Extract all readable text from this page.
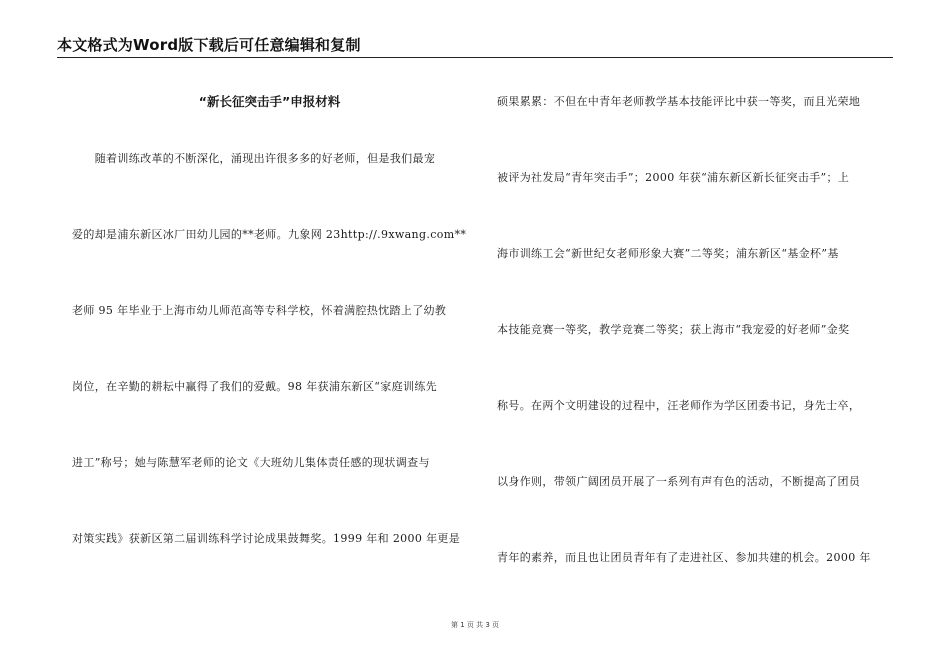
本文格式为Word版下载后可任意编辑和复制
“新长征突击手”申报材料
　　随着训练改革的不断深化，涌现出许很多多的好老师，但是我们最宠
爱的却是浦东新区冰厂田幼儿园的**老师。九象网 23http://.9xwang.com**
老师 95 年毕业于上海市幼儿师范高等专科学校，怀着满腔热忱踏上了幼教
岗位，在辛勤的耕耘中赢得了我们的爱戴。98 年获浦东新区“家庭训练先
进工”称号；她与陈慧军老师的论文《大班幼儿集体责任感的现状调查与
对策实践》获新区第二届训练科学讨论成果鼓舞奖。1999 年和 2000 年更是
硕果累累：不但在中青年老师教学基本技能评比中获一等奖，而且光荣地
被评为社发局“青年突击手”；2000 年获“浦东新区新长征突击手”；上
海市训练工会“新世纪女老师形象大赛”二等奖；浦东新区“基金杯”基
本技能竞赛一等奖，教学竞赛二等奖；获上海市“我宠爱的好老师”金奖
称号。在两个文明建设的过程中，汪老师作为学区团委书记，身先士卒，
以身作则，带领广阔团员开展了一系列有声有色的活动，不断提高了团员
青年的素养，而且也让团员青年有了走进社区、参加共建的机会。2000 年
第 1 页 共 3 页
